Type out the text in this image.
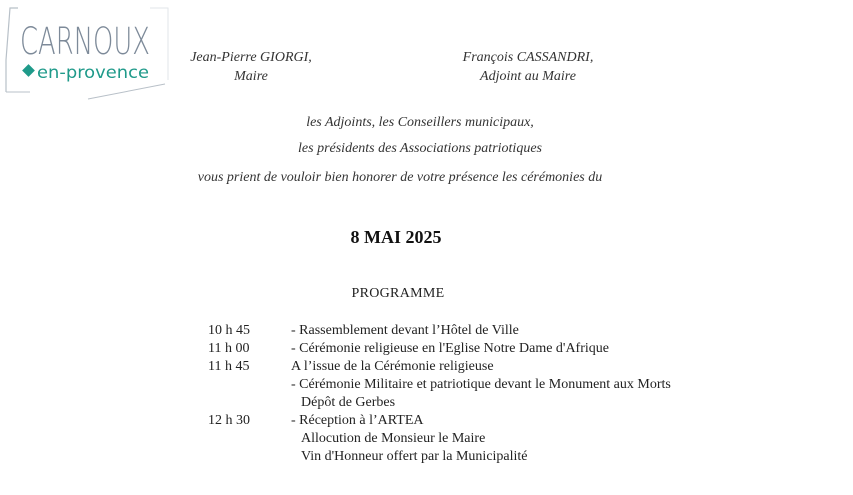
CARNOUX
en-provence
Jean-Pierre GIORGI,
Maire
François CASSANDRI,
Adjoint au Maire
les Adjoints, les Conseillers municipaux,
les présidents des Associations patriotiques
vous prient de vouloir bien honorer de votre présence les cérémonies du
8 MAI 2025
PROGRAMME
10 h 45	- Rassemblement devant l’Hôtel de Ville
11 h 00	- Cérémonie religieuse en l'Eglise Notre Dame d'Afrique
11 h 45	A l’issue de la Cérémonie religieuse
- Cérémonie Militaire et patriotique devant le Monument aux Morts
Dépôt de Gerbes
12 h 30	- Réception à l’ARTEA
Allocution de Monsieur le Maire
Vin d'Honneur offert par la Municipalité
